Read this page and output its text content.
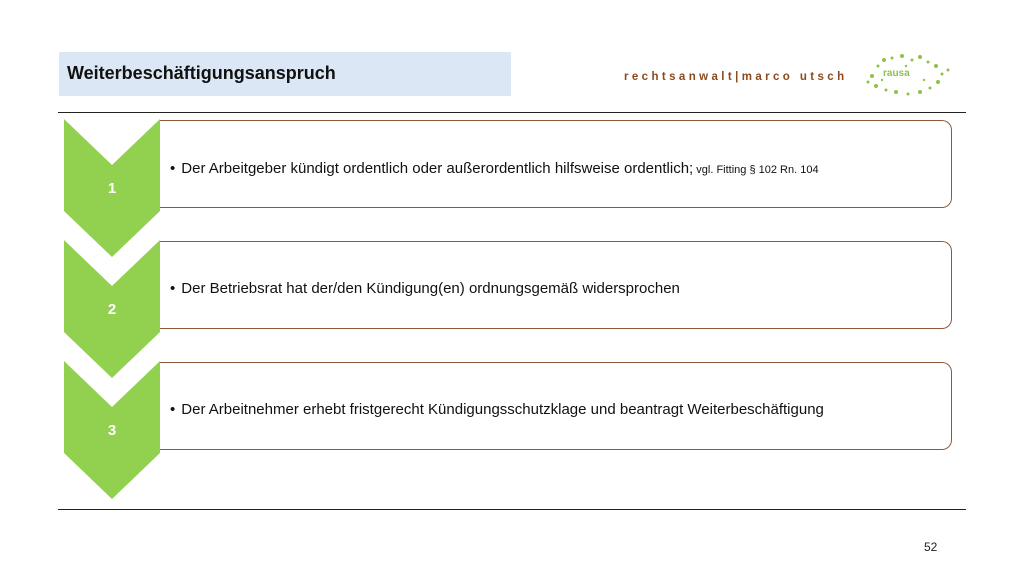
Weiterbeschäftigungsanspruch	rechtsanwalt|marco utsch	rausa
1
• Der Arbeitgeber kündigt ordentlich oder außerordentlich hilfsweise ordentlich; vgl. Fitting § 102 Rn. 104
2
• Der Betriebsrat hat der/den Kündigung(en) ordnungsgemäß widersprochen
3
• Der Arbeitnehmer erhebt fristgerecht Kündigungsschutzklage und beantragt Weiterbeschäftigung
52
